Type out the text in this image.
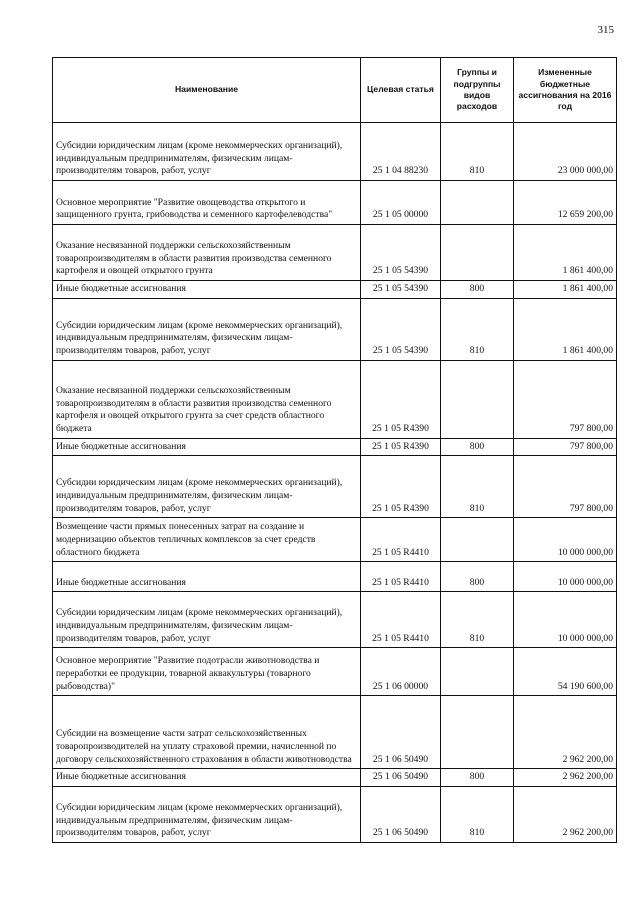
315
Наименование	Целевая статья	Группы и подгруппы видов расходов	Измененные бюджетные ассигнования на 2016 год
Субсидии юридическим лицам (кроме некоммерческих организаций), индивидуальным предпринимателям, физическим лицам-производителям товаров, работ, услуг	25 1 04 88230	810	23 000 000,00
Основное мероприятие "Развитие овощеводства открытого и защищенного грунта, грибоводства и семенного картофелеводства"	25 1 05 00000		12 659 200,00
Оказание несвязанной поддержки сельскохозяйственным товаропроизводителям в области развития производства семенного картофеля и овощей открытого грунта	25 1 05 54390		1 861 400,00
Иные бюджетные ассигнования	25 1 05 54390	800	1 861 400,00
Субсидии юридическим лицам (кроме некоммерческих организаций), индивидуальным предпринимателям, физическим лицам-производителям товаров, работ, услуг	25 1 05 54390	810	1 861 400,00
Оказание несвязанной поддержки сельскохозяйственным товаропроизводителям в области развития производства семенного картофеля и овощей открытого грунта за счет средств областного бюджета	25 1 05 R4390		797 800,00
Иные бюджетные ассигнования	25 1 05 R4390	800	797 800,00
Субсидии юридическим лицам (кроме некоммерческих организаций), индивидуальным предпринимателям, физическим лицам-производителям товаров, работ, услуг	25 1 05 R4390	810	797 800,00
Возмещение части прямых понесенных затрат на создание и модернизацию объектов тепличных комплексов за счет средств областного бюджета	25 1 05 R4410		10 000 000,00
Иные бюджетные ассигнования	25 1 05 R4410	800	10 000 000,00
Субсидии юридическим лицам (кроме некоммерческих организаций), индивидуальным предпринимателям, физическим лицам-производителям товаров, работ, услуг	25 1 05 R4410	810	10 000 000,00
Основное мероприятие "Развитие подотрасли животноводства и переработки ее продукции, товарной аквакультуры (товарного рыбоводства)"	25 1 06 00000		54 190 600,00
Субсидии на возмещение части затрат сельскохозяйственных товаропроизводителей на уплату страховой премии, начисленной по договору сельскохозяйственного страхования в области животноводства	25 1 06 50490		2 962 200,00
Иные бюджетные ассигнования	25 1 06 50490	800	2 962 200,00
Субсидии юридическим лицам (кроме некоммерческих организаций), индивидуальным предпринимателям, физическим лицам-производителям товаров, работ, услуг	25 1 06 50490	810	2 962 200,00
